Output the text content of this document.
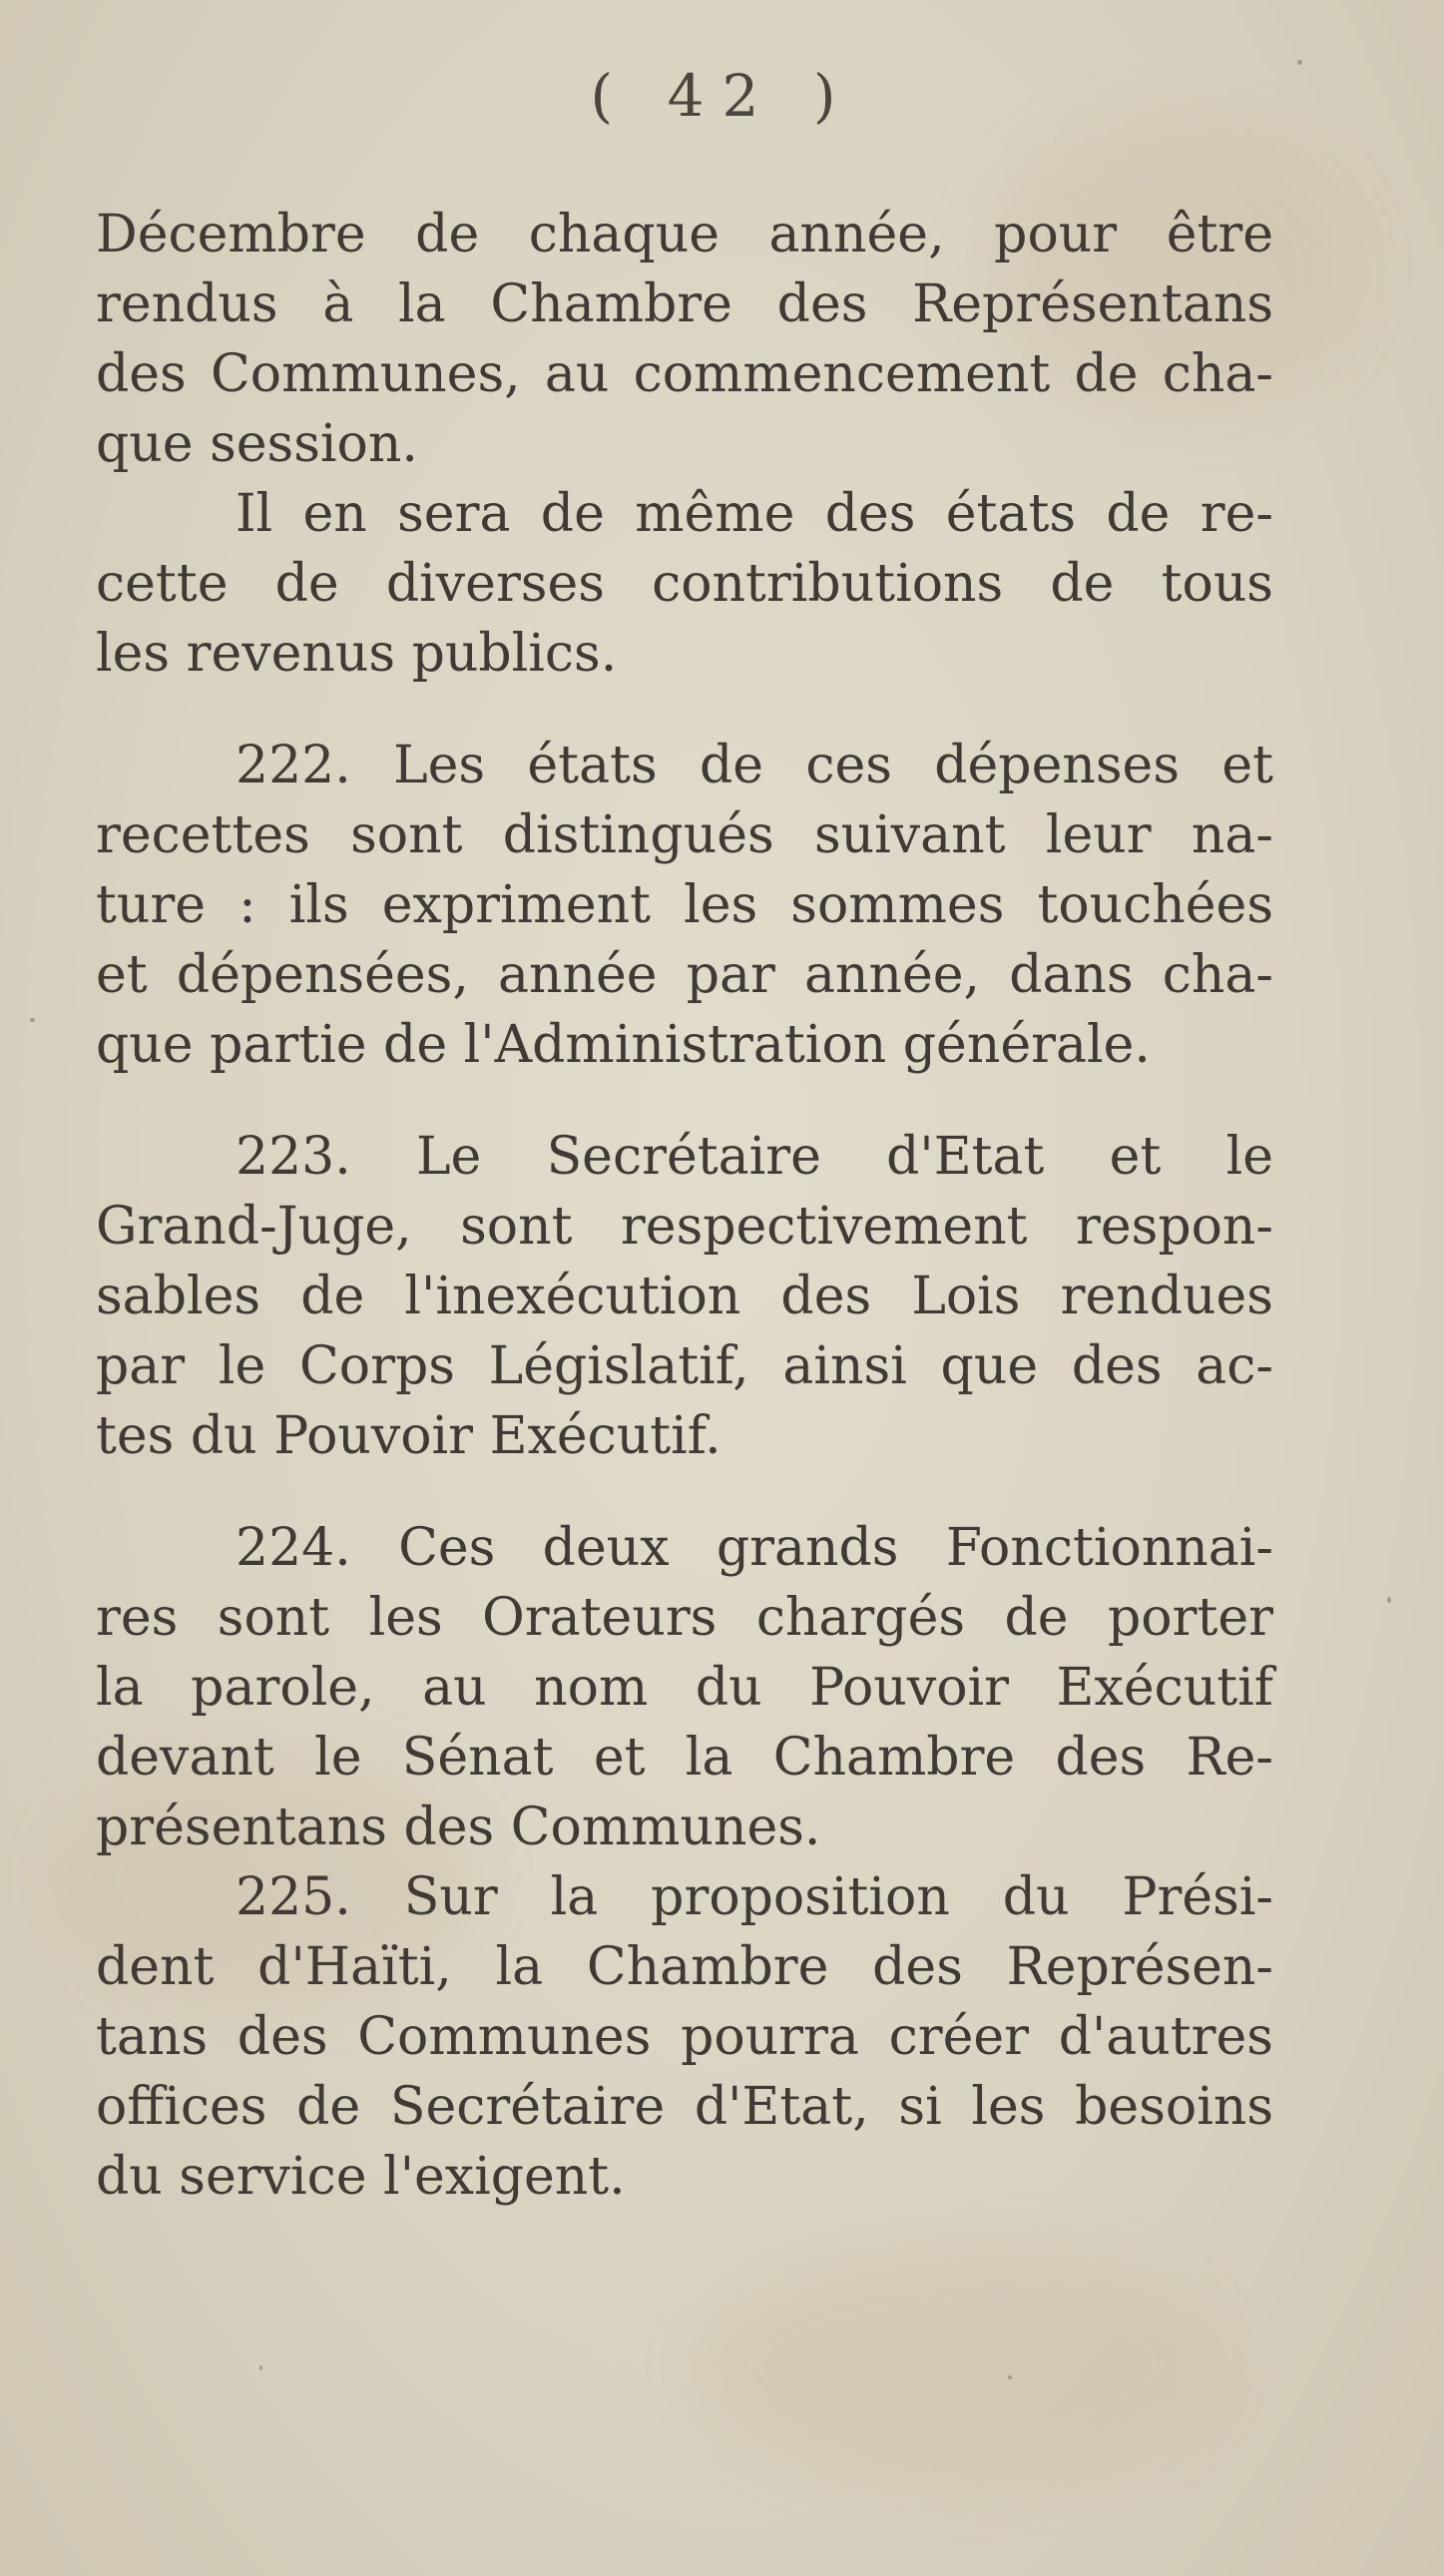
( 42 )
Décembre de chaque année, pour être
rendus à la Chambre des Représentans
des Communes, au commencement de cha-
que session.
Il en sera de même des états de re-
cette de diverses contributions de tous
les revenus publics.
222. Les états de ces dépenses et
recettes sont distingués suivant leur na-
ture : ils expriment les sommes touchées
et dépensées, année par année, dans cha-
que partie de l'Administration générale.
223. Le Secrétaire d'Etat et le
Grand-Juge, sont respectivement respon-
sables de l'inexécution des Lois rendues
par le Corps Législatif, ainsi que des ac-
tes du Pouvoir Exécutif.
224. Ces deux grands Fonctionnai-
res sont les Orateurs chargés de porter
la parole, au nom du Pouvoir Exécutif
devant le Sénat et la Chambre des Re-
présentans des Communes.
225. Sur la proposition du Prési-
dent d'Haïti, la Chambre des Représen-
tans des Communes pourra créer d'autres
offices de Secrétaire d'Etat, si les besoins
du service l'exigent.
